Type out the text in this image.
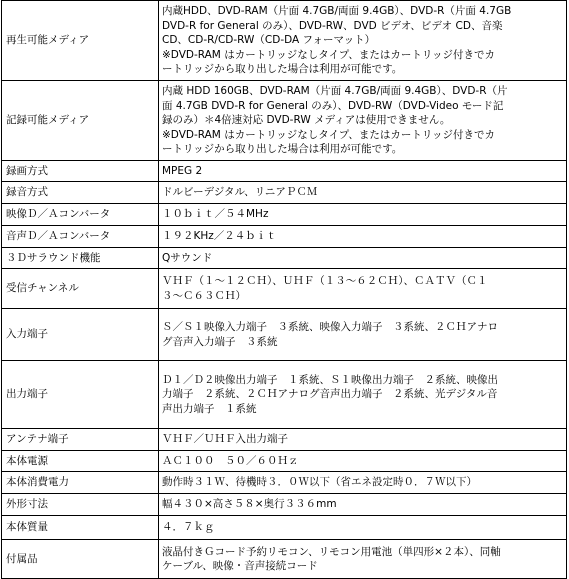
再生可能メディア	内蔵HDD、DVD-RAM（片面 4.7GB/両面 9.4GB）、DVD-R（片面 4.7GB
DVD-R for General のみ）、DVD-RW、DVD ビデオ、ビデオ CD、音楽
CD、CD-R/CD-RW（CD-DA フォーマット）
※DVD-RAM はカートリッジなしタイプ、またはカートリッジ付きでカ
ートリッジから取り出した場合は利用が可能です。

記録可能メディア	内蔵 HDD 160GB、DVD-RAM（片面 4.7GB/両面 9.4GB）、DVD-R（片
面 4.7GB DVD-R for General のみ）、DVD-RW（DVD-Video モード記
録のみ）＊4倍速対応 DVD-RW メディアは使用できません。
※DVD-RAM はカートリッジなしタイプ、またはカートリッジ付きでカ
ートリッジから取り出した場合は利用が可能です。

録画方式	MPEG 2

録音方式	ドルビーデジタル、リニアＰＣＭ

映像Ｄ／Ａコンバータ	１０ｂｉｔ／５４MHz

音声Ｄ／Ａコンバータ	１９２KHz／２４ｂｉｔ

３Ｄサラウンド機能	Qサウンド

受信チャンネル	ＶＨＦ（１～１２ＣＨ）、ＵＨＦ（１３～６２ＣＨ）、ＣＡＴＶ（Ｃ１
３～Ｃ６３ＣＨ）

入力端子	Ｓ／Ｓ１映像入力端子　３系統、映像入力端子　３系統、２ＣＨアナロ
グ音声入力端子　３系統

出力端子	Ｄ１／Ｄ２映像出力端子　１系統、Ｓ１映像出力端子　２系統、映像出
力端子　２系統、２ＣＨアナログ音声出力端子　２系統、光デジタル音
声出力端子　１系統

アンテナ端子	ＶＨＦ／ＵＨＦ入出力端子

本体電源	ＡＣ１００　５０／６０Ｈｚ

本体消費電力	動作時３１Ｗ、待機時３．０Ｗ以下（省エネ設定時０．７Ｗ以下）

外形寸法	幅４３０×高さ５８×奥行３３６mm

本体質量	４．７ｋｇ

付属品	液晶付きＧコード予約リモコン、リモコン用電池（単四形×２本）、同軸
ケーブル、映像・音声接続コード
